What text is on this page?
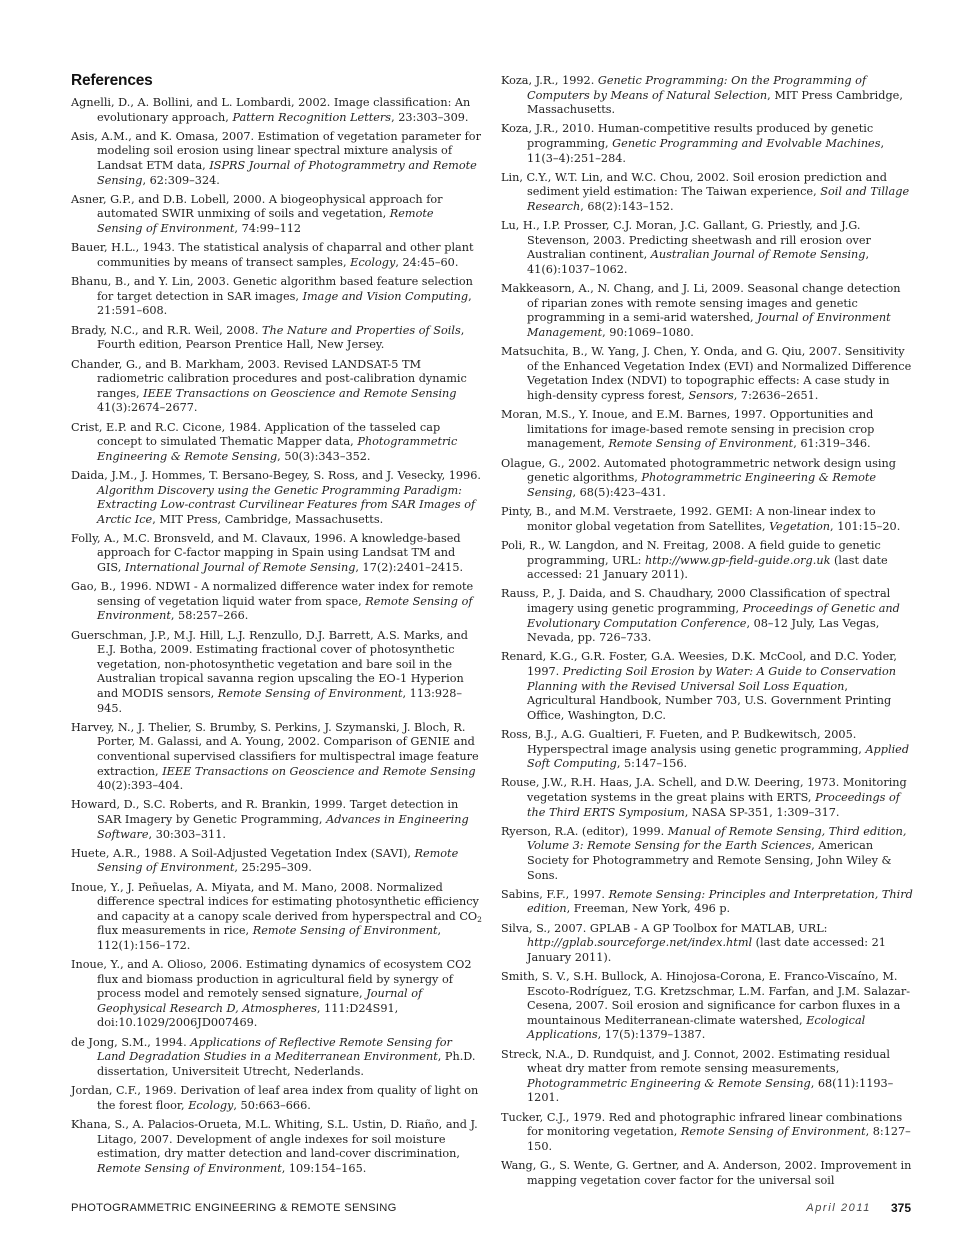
References
Agnelli, D., A. Bollini, and L. Lombardi, 2002. Image classification: An evolutionary approach, Pattern Recognition Letters, 23:303–309.
Asis, A.M., and K. Omasa, 2007. Estimation of vegetation parameter for modeling soil erosion using linear spectral mixture analysis of Landsat ETM data, ISPRS Journal of Photogrammetry and Remote Sensing, 62:309–324.
Asner, G.P., and D.B. Lobell, 2000. A biogeophysical approach for automated SWIR unmixing of soils and vegetation, Remote Sensing of Environment, 74:99–112
Bauer, H.L., 1943. The statistical analysis of chaparral and other plant communities by means of transect samples, Ecology, 24:45–60.
Bhanu, B., and Y. Lin, 2003. Genetic algorithm based feature selection for target detection in SAR images, Image and Vision Computing, 21:591–608.
Brady, N.C., and R.R. Weil, 2008. The Nature and Properties of Soils, Fourth edition, Pearson Prentice Hall, New Jersey.
Chander, G., and B. Markham, 2003. Revised LANDSAT-5 TM radiometric calibration procedures and post-calibration dynamic ranges, IEEE Transactions on Geoscience and Remote Sensing 41(3):2674–2677.
Crist, E.P. and R.C. Cicone, 1984. Application of the tasseled cap concept to simulated Thematic Mapper data, Photogrammetric Engineering & Remote Sensing, 50(3):343–352.
Daida, J.M., J. Hommes, T. Bersano-Begey, S. Ross, and J. Vesecky, 1996. Algorithm Discovery using the Genetic Programming Paradigm: Extracting Low-contrast Curvilinear Features from SAR Images of Arctic Ice, MIT Press, Cambridge, Massachusetts.
Folly, A., M.C. Bronsveld, and M. Clavaux, 1996. A knowledge-based approach for C-factor mapping in Spain using Landsat TM and GIS, International Journal of Remote Sensing, 17(2):2401–2415.
Gao, B., 1996. NDWI - A normalized difference water index for remote sensing of vegetation liquid water from space, Remote Sensing of Environment, 58:257–266.
Guerschman, J.P., M.J. Hill, L.J. Renzullo, D.J. Barrett, A.S. Marks, and E.J. Botha, 2009. Estimating fractional cover of photosynthetic vegetation, non-photosynthetic vegetation and bare soil in the Australian tropical savanna region upscaling the EO-1 Hyperion and MODIS sensors, Remote Sensing of Environment, 113:928–945.
Harvey, N., J. Thelier, S. Brumby, S. Perkins, J. Szymanski, J. Bloch, R. Porter, M. Galassi, and A. Young, 2002. Comparison of GENIE and conventional supervised classifiers for multispectral image feature extraction, IEEE Transactions on Geoscience and Remote Sensing 40(2):393–404.
Howard, D., S.C. Roberts, and R. Brankin, 1999. Target detection in SAR Imagery by Genetic Programming, Advances in Engineering Software, 30:303–311.
Huete, A.R., 1988. A Soil-Adjusted Vegetation Index (SAVI), Remote Sensing of Environment, 25:295–309.
Inoue, Y., J. Peñuelas, A. Miyata, and M. Mano, 2008. Normalized difference spectral indices for estimating photosynthetic efficiency and capacity at a canopy scale derived from hyperspectral and $CO_2$ flux measurements in rice, Remote Sensing of Environment, 112(1):156–172.
Inoue, Y., and A. Olioso, 2006. Estimating dynamics of ecosystem CO2 flux and biomass production in agricultural field by synergy of process model and remotely sensed signature, Journal of Geophysical Research D, Atmospheres, 111:D24S91, doi:10.1029/2006JD007469.
de Jong, S.M., 1994. Applications of Reflective Remote Sensing for Land Degradation Studies in a Mediterranean Environment, Ph.D. dissertation, Universiteit Utrecht, Nederlands.
Jordan, C.F., 1969. Derivation of leaf area index from quality of light on the forest floor, Ecology, 50:663–666.
Khana, S., A. Palacios-Orueta, M.L. Whiting, S.L. Ustin, D. Riaño, and J. Litago, 2007. Development of angle indexes for soil moisture estimation, dry matter detection and land-cover discrimination, Remote Sensing of Environment, 109:154–165.
Koza, J.R., 1992. Genetic Programming: On the Programming of Computers by Means of Natural Selection, MIT Press Cambridge, Massachusetts.
Koza, J.R., 2010. Human-competitive results produced by genetic programming, Genetic Programming and Evolvable Machines, 11(3–4):251–284.
Lin, C.Y., W.T. Lin, and W.C. Chou, 2002. Soil erosion prediction and sediment yield estimation: The Taiwan experience, Soil and Tillage Research, 68(2):143–152.
Lu, H., I.P. Prosser, C.J. Moran, J.C. Gallant, G. Priestly, and J.G. Stevenson, 2003. Predicting sheetwash and rill erosion over Australian continent, Australian Journal of Remote Sensing, 41(6):1037–1062.
Makkeasorn, A., N. Chang, and J. Li, 2009. Seasonal change detection of riparian zones with remote sensing images and genetic programming in a semi-arid watershed, Journal of Environment Management, 90:1069–1080.
Matsuchita, B., W. Yang, J. Chen, Y. Onda, and G. Qiu, 2007. Sensitivity of the Enhanced Vegetation Index (EVI) and Normalized Difference Vegetation Index (NDVI) to topographic effects: A case study in high-density cypress forest, Sensors, 7:2636–2651.
Moran, M.S., Y. Inoue, and E.M. Barnes, 1997. Opportunities and limitations for image-based remote sensing in precision crop management, Remote Sensing of Environment, 61:319–346.
Olague, G., 2002. Automated photogrammetric network design using genetic algorithms, Photogrammetric Engineering & Remote Sensing, 68(5):423–431.
Pinty, B., and M.M. Verstraete, 1992. GEMI: A non-linear index to monitor global vegetation from Satellites, Vegetation, 101:15–20.
Poli, R., W. Langdon, and N. Freitag, 2008. A field guide to genetic programming, URL: http://www.gp-field-guide.org.uk (last date accessed: 21 January 2011).
Rauss, P., J. Daida, and S. Chaudhary, 2000 Classification of spectral imagery using genetic programming, Proceedings of Genetic and Evolutionary Computation Conference, 08–12 July, Las Vegas, Nevada, pp. 726–733.
Renard, K.G., G.R. Foster, G.A. Weesies, D.K. McCool, and D.C. Yoder, 1997. Predicting Soil Erosion by Water: A Guide to Conservation Planning with the Revised Universal Soil Loss Equation, Agricultural Handbook, Number 703, U.S. Government Printing Office, Washington, D.C.
Ross, B.J., A.G. Gualtieri, F. Fueten, and P. Budkewitsch, 2005. Hyperspectral image analysis using genetic programming, Applied Soft Computing, 5:147–156.
Rouse, J.W., R.H. Haas, J.A. Schell, and D.W. Deering, 1973. Monitoring vegetation systems in the great plains with ERTS, Proceedings of the Third ERTS Symposium, NASA SP-351, 1:309–317.
Ryerson, R.A. (editor), 1999. Manual of Remote Sensing, Third edition, Volume 3: Remote Sensing for the Earth Sciences, American Society for Photogrammetry and Remote Sensing, John Wiley & Sons.
Sabins, F.F., 1997. Remote Sensing: Principles and Interpretation, Third edition, Freeman, New York, 496 p.
Silva, S., 2007. GPLAB - A GP Toolbox for MATLAB, URL: http://gplab.sourceforge.net/index.html (last date accessed: 21 January 2011).
Smith, S. V., S.H. Bullock, A. Hinojosa-Corona, E. Franco-Viscaíno, M. Escoto-Rodríguez, T.G. Kretzschmar, L.M. Farfan, and J.M. Salazar-Cesena, 2007. Soil erosion and significance for carbon fluxes in a mountainous Mediterranean-climate watershed, Ecological Applications, 17(5):1379–1387.
Streck, N.A., D. Rundquist, and J. Connot, 2002. Estimating residual wheat dry matter from remote sensing measurements, Photogrammetric Engineering & Remote Sensing, 68(11):1193–1201.
Tucker, C.J., 1979. Red and photographic infrared linear combinations for monitoring vegetation, Remote Sensing of Environment, 8:127–150.
Wang, G., S. Wente, G. Gertner, and A. Anderson, 2002. Improvement in mapping vegetation cover factor for the universal soil
PHOTOGRAMMETRIC ENGINEERING & REMOTE SENSING	April 2011 375
